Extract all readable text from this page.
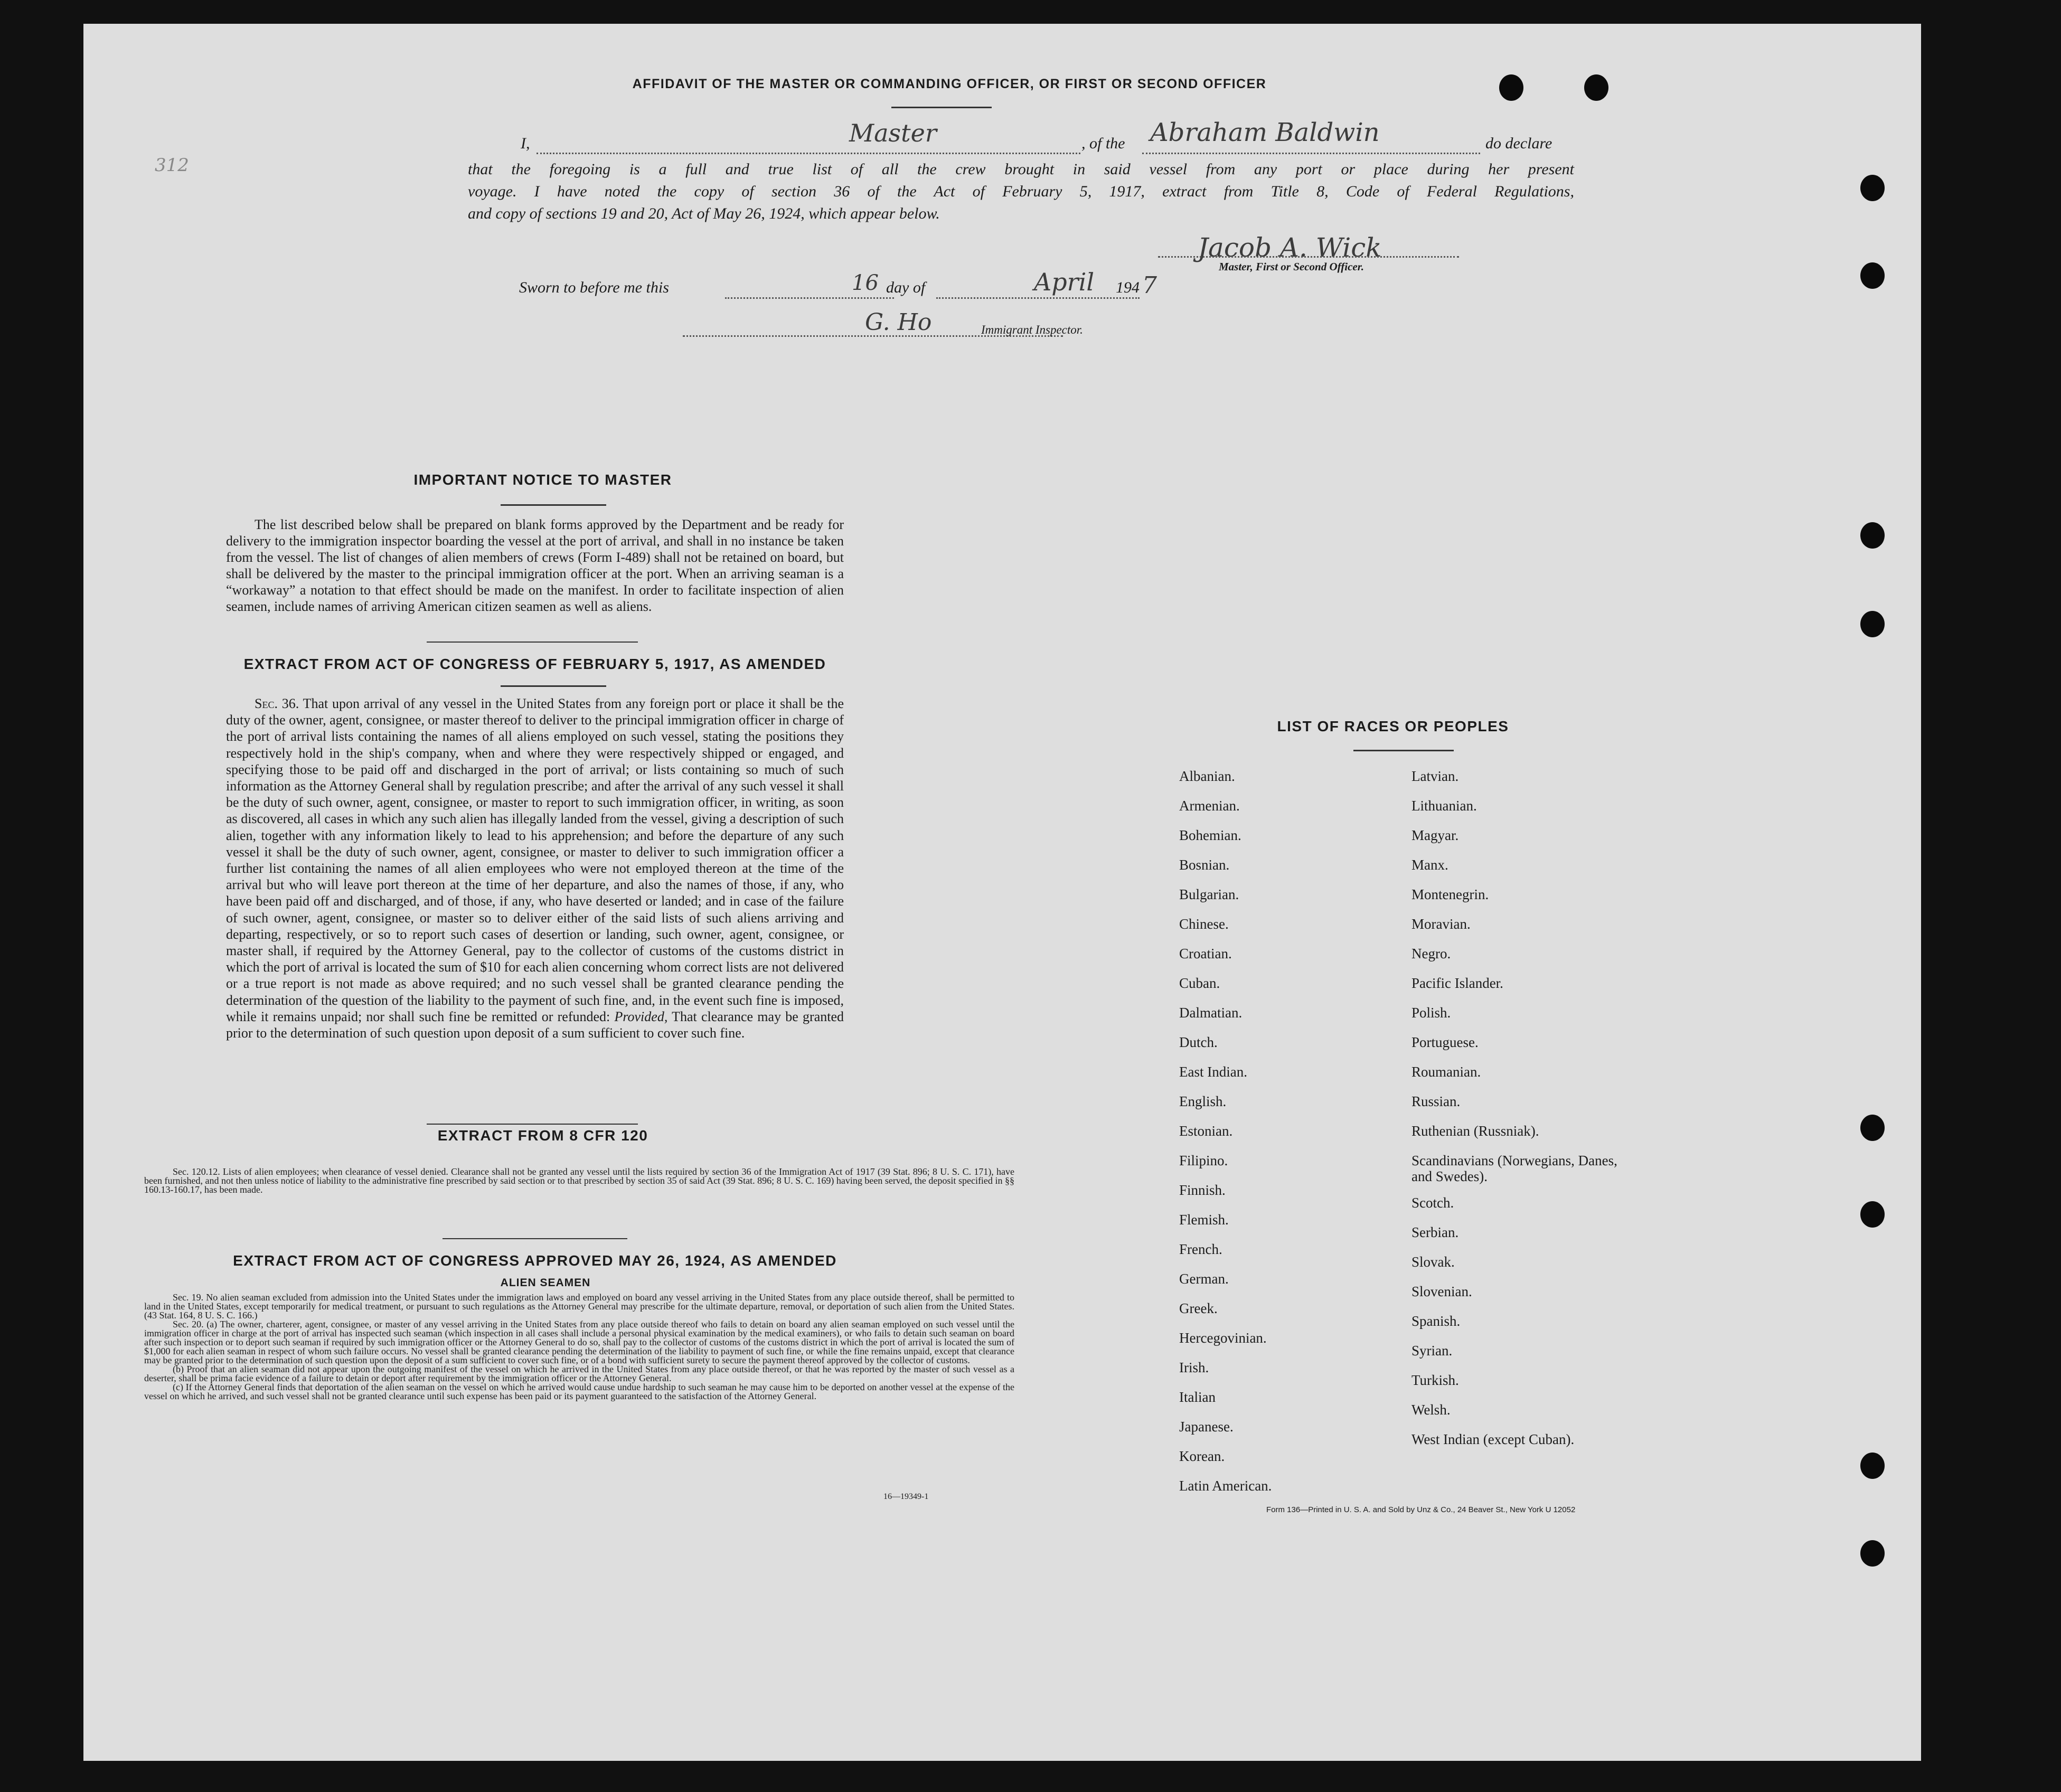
312
AFFIDAVIT OF THE MASTER OR COMMANDING OFFICER, OR FIRST OR SECOND OFFICER
I,	Master	, of the Abraham Baldwin	do declare
that the foregoing is a full and true list of all the crew brought in said vessel from any port or place during her present
voyage. I have noted the copy of section 36 of the Act of February 5, 1917, extract from Title 8, Code of Federal Regulations,
and copy of sections 19 and 20, Act of May 26, 1924, which appear below.
Jacob A. Wick
Master, First or Second Officer.
Sworn to before me this	16 day of	April 194 7
G. Ho	Immigrant Inspector.
IMPORTANT NOTICE TO MASTER

The list described below shall be prepared on blank forms approved by the Department and be ready for delivery to the immigration inspector boarding the vessel at the port of arrival, and shall in no instance be taken from the vessel. The list of changes of alien members of crews (Form I-489) shall not be retained on board, but shall be delivered by the master to the principal immigration officer at the port. When an arriving seaman is a “workaway” a notation to that effect should be made on the manifest. In order to facilitate inspection of alien seamen, include names of arriving American citizen seamen as well as aliens.

EXTRACT FROM ACT OF CONGRESS OF FEBRUARY 5, 1917, AS AMENDED

Sec. 36. That upon arrival of any vessel in the United States from any foreign port or place it shall be the duty of the owner, agent, consignee, or master thereof to deliver to the principal immigration officer in charge of the port of arrival lists containing the names of all aliens employed on such vessel, stating the positions they respectively hold in the ship's company, when and where they were respectively shipped or engaged, and specifying those to be paid off and discharged in the port of arrival; or lists containing so much of such information as the Attorney General shall by regulation prescribe; and after the arrival of any such vessel it shall be the duty of such owner, agent, consignee, or master to report to such immigration officer, in writing, as soon as discovered, all cases in which any such alien has illegally landed from the vessel, giving a description of such alien, together with any information likely to lead to his apprehension; and before the departure of any such vessel it shall be the duty of such owner, agent, consignee, or master to deliver to such immigration officer a further list containing the names of all alien employees who were not employed thereon at the time of the arrival but who will leave port thereon at the time of her departure, and also the names of those, if any, who have been paid off and discharged, and of those, if any, who have deserted or landed; and in case of the failure of such owner, agent, consignee, or master so to deliver either of the said lists of such aliens arriving and departing, respectively, or so to report such cases of desertion or landing, such owner, agent, consignee, or master shall, if required by the Attorney General, pay to the collector of customs of the customs district in which the port of arrival is located the sum of $10 for each alien concerning whom correct lists are not delivered or a true report is not made as above required; and no such vessel shall be granted clearance pending the determination of the question of the liability to the payment of such fine, and, in the event such fine is imposed, while it remains unpaid; nor shall such fine be remitted or refunded: Provided, That clearance may be granted prior to the determination of such question upon deposit of a sum sufficient to cover such fine.

EXTRACT FROM 8 CFR 120

Sec. 120.12. Lists of alien employees; when clearance of vessel denied. Clearance shall not be granted any vessel until the lists required by section 36 of the Immigration Act of 1917 (39 Stat. 896; 8 U. S. C. 171), have been furnished, and not then unless notice of liability to the administrative fine prescribed by said section or to that prescribed by section 35 of said Act (39 Stat. 896; 8 U. S. C. 169) having been served, the deposit specified in §§ 160.13-160.17, has been made.

EXTRACT FROM ACT OF CONGRESS APPROVED MAY 26, 1924, AS AMENDED
ALIEN SEAMEN

Sec. 19. No alien seaman excluded from admission into the United States under the immigration laws and employed on board any vessel arriving in the United States from any place outside thereof, shall be permitted to land in the United States, except temporarily for medical treatment, or pursuant to such regulations as the Attorney General may prescribe for the ultimate departure, removal, or deportation of such alien from the United States. (43 Stat. 164, 8 U. S. C. 166.)

Sec. 20. (a) The owner, charterer, agent, consignee, or master of any vessel arriving in the United States from any place outside thereof who fails to detain on board any alien seaman employed on such vessel until the immigration officer in charge at the port of arrival has inspected such seaman (which inspection in all cases shall include a personal physical examination by the medical examiners), or who fails to detain such seaman on board after such inspection or to deport such seaman if required by such immigration officer or the Attorney General to do so, shall pay to the collector of customs of the customs district in which the port of arrival is located the sum of $1,000 for each alien seaman in respect of whom such failure occurs. No vessel shall be granted clearance pending the determination of the liability to payment of such fine, or while the fine remains unpaid, except that clearance may be granted prior to the determination of such question upon the deposit of a sum sufficient to cover such fine, or of a bond with sufficient surety to secure the payment thereof approved by the collector of customs.

(b) Proof that an alien seaman did not appear upon the outgoing manifest of the vessel on which he arrived in the United States from any place outside thereof, or that he was reported by the master of such vessel as a deserter, shall be prima facie evidence of a failure to detain or deport after requirement by the immigration officer or the Attorney General.

(c) If the Attorney General finds that deportation of the alien seaman on the vessel on which he arrived would cause undue hardship to such seaman he may cause him to be deported on another vessel at the expense of the vessel on which he arrived, and such vessel shall not be granted clearance until such expense has been paid or its payment guaranteed to the satisfaction of the Attorney General.

16—19349-1
LIST OF RACES OR PEOPLES
Albanian.
Armenian.
Bohemian.
Bosnian.
Bulgarian.
Chinese.
Croatian.
Cuban.
Dalmatian.
Dutch.
East Indian.
English.
Estonian.
Filipino.
Finnish.
Flemish.
French.
German.
Greek.
Hercegovinian.
Irish.
Italian
Japanese.
Korean.
Latin American.
Latvian.
Lithuanian.
Magyar.
Manx.
Montenegrin.
Moravian.
Negro.
Pacific Islander.
Polish.
Portuguese.
Roumanian.
Russian.
Ruthenian (Russniak).
Scandinavians (Norwegians, Danes, and Swedes).
Scotch.
Serbian.
Slovak.
Slovenian.
Spanish.
Syrian.
Turkish.
Welsh.
West Indian (except Cuban).
Form 136—Printed in U. S. A. and Sold by Unz & Co., 24 Beaver St., New York U 12052
